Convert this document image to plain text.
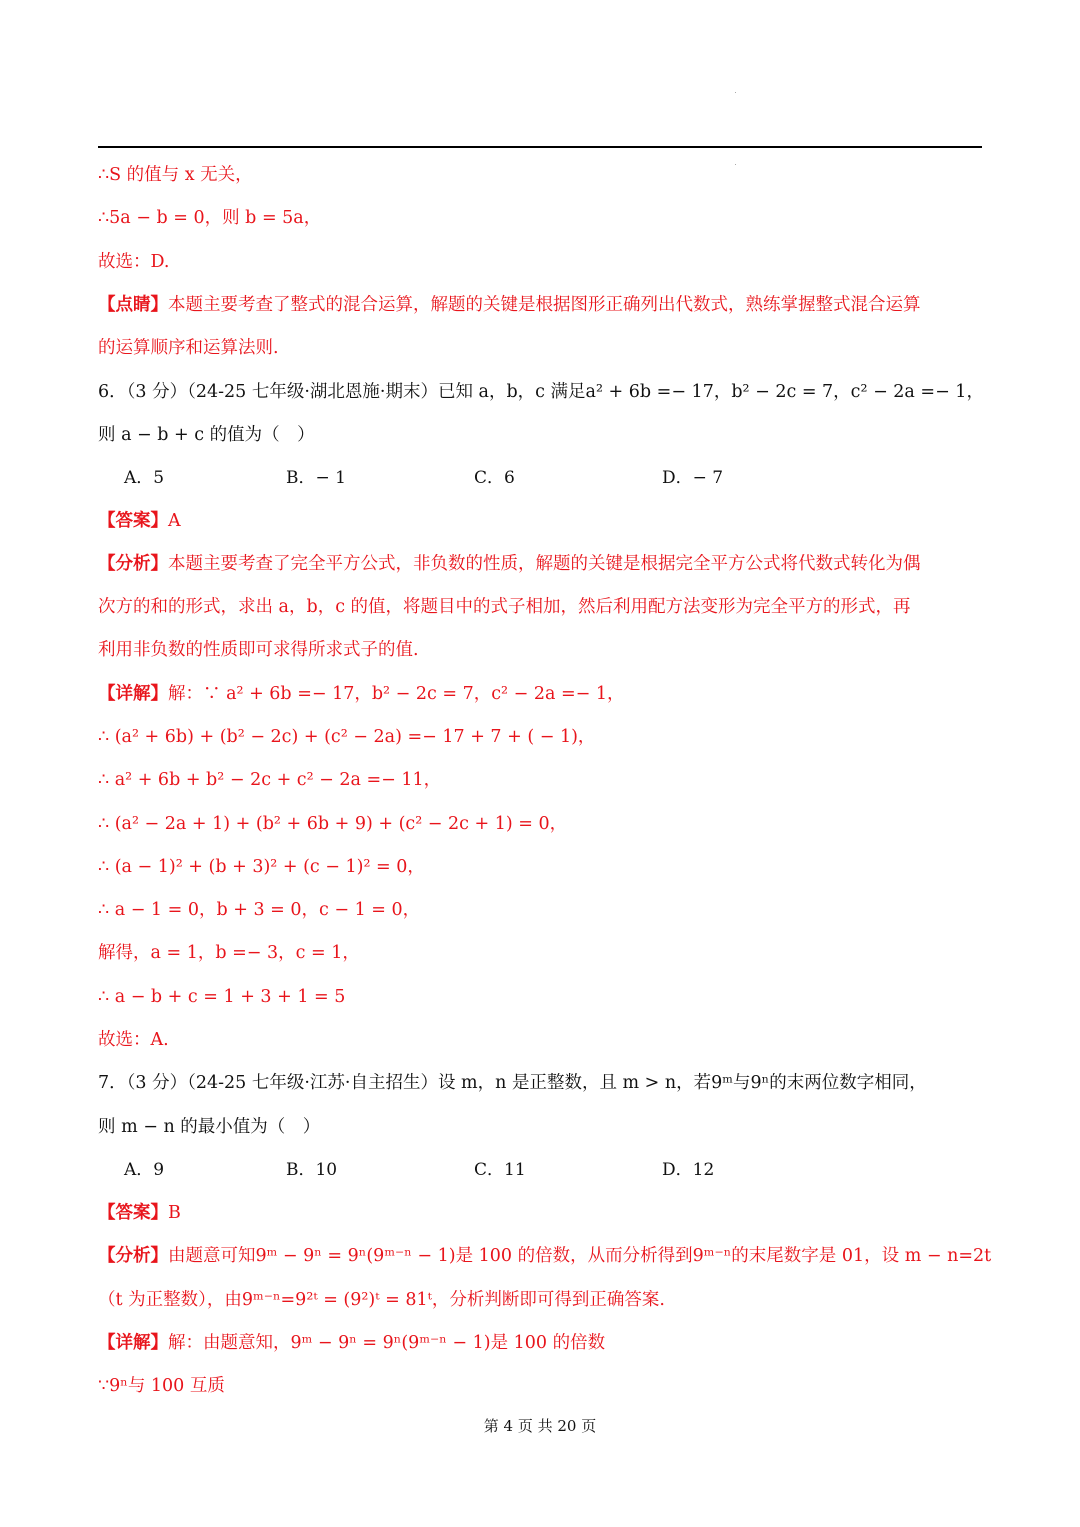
∴S 的值与 x 无关，
∴5a − b = 0，则 b = 5a，
故选：D.
【点睛】本题主要考查了整式的混合运算，解题的关键是根据图形正确列出代数式，熟练掌握整式混合运算
的运算顺序和运算法则.
6．（3 分）（24-25 七年级·湖北恩施·期末）已知 a，b，c 满足a² + 6b =− 17，b² − 2c = 7，c² − 2a =− 1，
则 a − b + c 的值为（　）
A．5	B．− 1	C．6	D．− 7
【答案】A
【分析】本题主要考查了完全平方公式，非负数的性质，解题的关键是根据完全平方公式将代数式转化为偶
次方的和的形式，求出 a，b，c 的值，将题目中的式子相加，然后利用配方法变形为完全平方的形式，再
利用非负数的性质即可求得所求式子的值.
【详解】解：∵ a² + 6b =− 17，b² − 2c = 7，c² − 2a =− 1，
∴ (a² + 6b) + (b² − 2c) + (c² − 2a) =− 17 + 7 + ( − 1)，
∴ a² + 6b + b² − 2c + c² − 2a =− 11，
∴ (a² − 2a + 1) + (b² + 6b + 9) + (c² − 2c + 1) = 0，
∴ (a − 1)² + (b + 3)² + (c − 1)² = 0，
∴ a − 1 = 0，b + 3 = 0，c − 1 = 0，
解得，a = 1，b =− 3，c = 1，
∴ a − b + c = 1 + 3 + 1 = 5
故选：A.
7．（3 分）（24-25 七年级·江苏·自主招生）设 m，n 是正整数，且 m > n，若9ᵐ与9ⁿ的末两位数字相同，
则 m − n 的最小值为（　）
A．9	B．10	C．11	D．12
【答案】B
【分析】由题意可知9ᵐ − 9ⁿ = 9ⁿ(9ᵐ⁻ⁿ − 1)是 100 的倍数，从而分析得到9ᵐ⁻ⁿ的末尾数字是 01，设 m − n=2t
（t 为正整数），由9ᵐ⁻ⁿ=9²ᵗ = (9²)ᵗ = 81ᵗ，分析判断即可得到正确答案.
【详解】解：由题意知，9ᵐ − 9ⁿ = 9ⁿ(9ᵐ⁻ⁿ − 1)是 100 的倍数
∵9ⁿ与 100 互质
第 4 页 共 20 页
